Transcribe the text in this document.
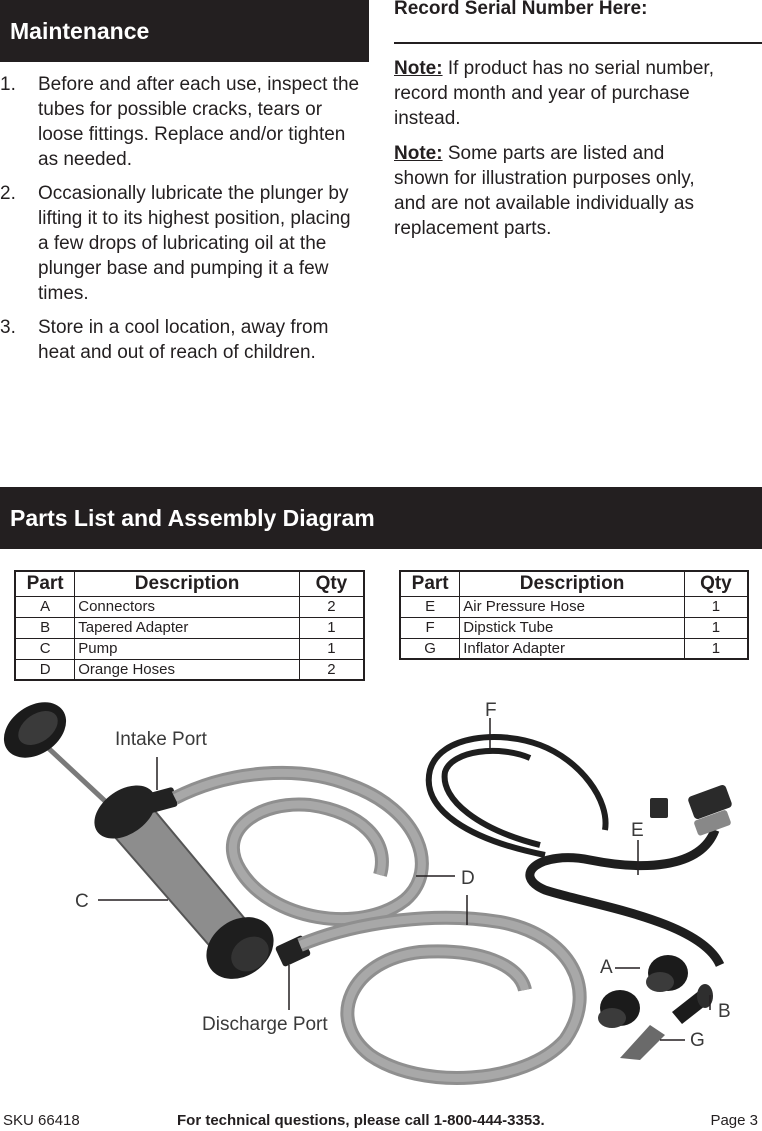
Maintenance
1. Before and after each use, inspect the tubes for possible cracks, tears or loose fittings. Replace and/or tighten as needed.
2. Occasionally lubricate the plunger by lifting it to its highest position, placing a few drops of lubricating oil at the plunger base and pumping it a few times.
3. Store in a cool location, away from heat and out of reach of children.
Record Serial Number Here:

Note: If product has no serial number, record month and year of purchase instead.

Note: Some parts are listed and shown for illustration purposes only, and are not available individually as replacement parts.

Parts List and Assembly Diagram
Part	Description	Qty
A	Connectors	2
B	Tapered Adapter	1
C	Pump	1
D	Orange Hoses	2
Part	Description	Qty
E	Air Pressure Hose	1
F	Dipstick Tube	1
G	Inflator Adapter	1
Intake Port
C
Discharge Port
D
F
E
A
B
G
SKU 66418	For technical questions, please call 1-800-444-3353.	Page 3
